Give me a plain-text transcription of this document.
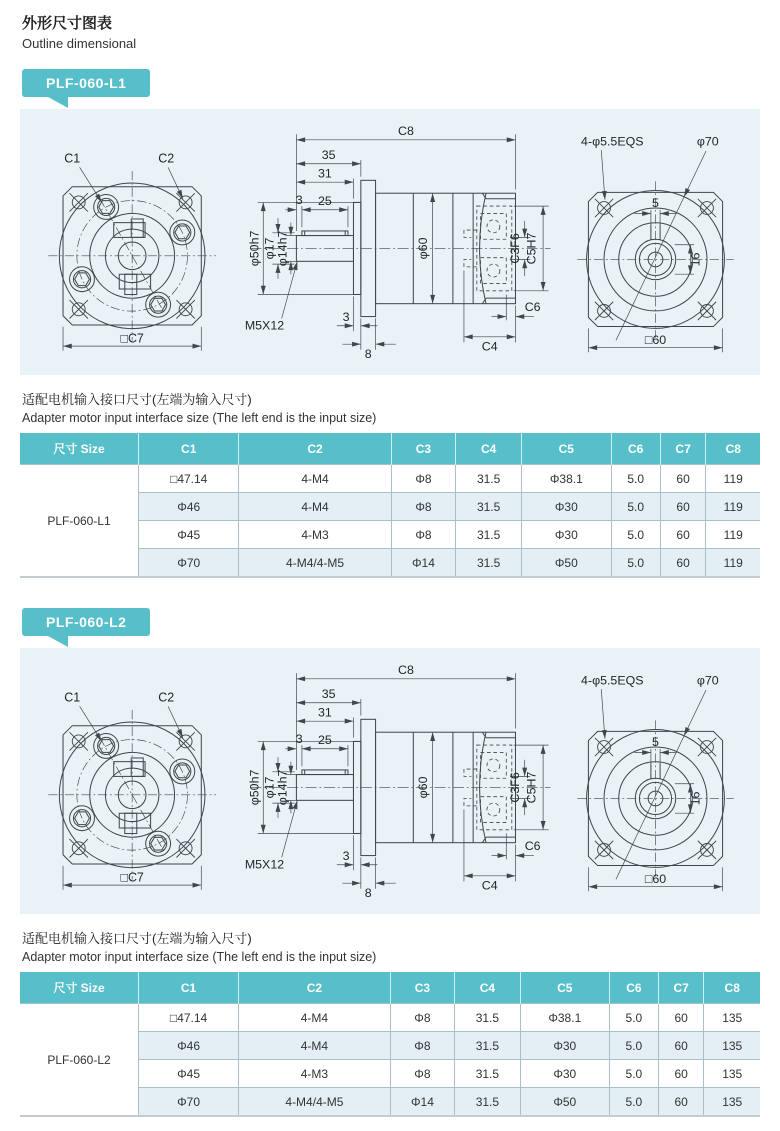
外形尺寸图表
Outline dimensional
PLF-060-L1
适配电机输入接口尺寸(左端为输入尺寸)
Adapter motor input interface size (The left end is the input size)
尺寸 Size	C1	C2	C3	C4	C5	C6	C7	C8
PLF-060-L1	□47.14	4-M4	Φ8	31.5	Φ38.1	5.0	60	119
	Φ46	4-M4	Φ8	31.5	Φ30	5.0	60	119
	Φ45	4-M3	Φ8	31.5	Φ30	5.0	60	119
	Φ70	4-M4/4-M5	Φ14	31.5	Φ50	5.0	60	119
PLF-060-L2
适配电机输入接口尺寸(左端为输入尺寸)
Adapter motor input interface size (The left end is the input size)
尺寸 Size	C1	C2	C3	C4	C5	C6	C7	C8
PLF-060-L2	□47.14	4-M4	Φ8	31.5	Φ38.1	5.0	60	135
	Φ46	4-M4	Φ8	31.5	Φ30	5.0	60	135
	Φ45	4-M3	Φ8	31.5	Φ30	5.0	60	135
	Φ70	4-M4/4-M5	Φ14	31.5	Φ50	5.0	60	135
